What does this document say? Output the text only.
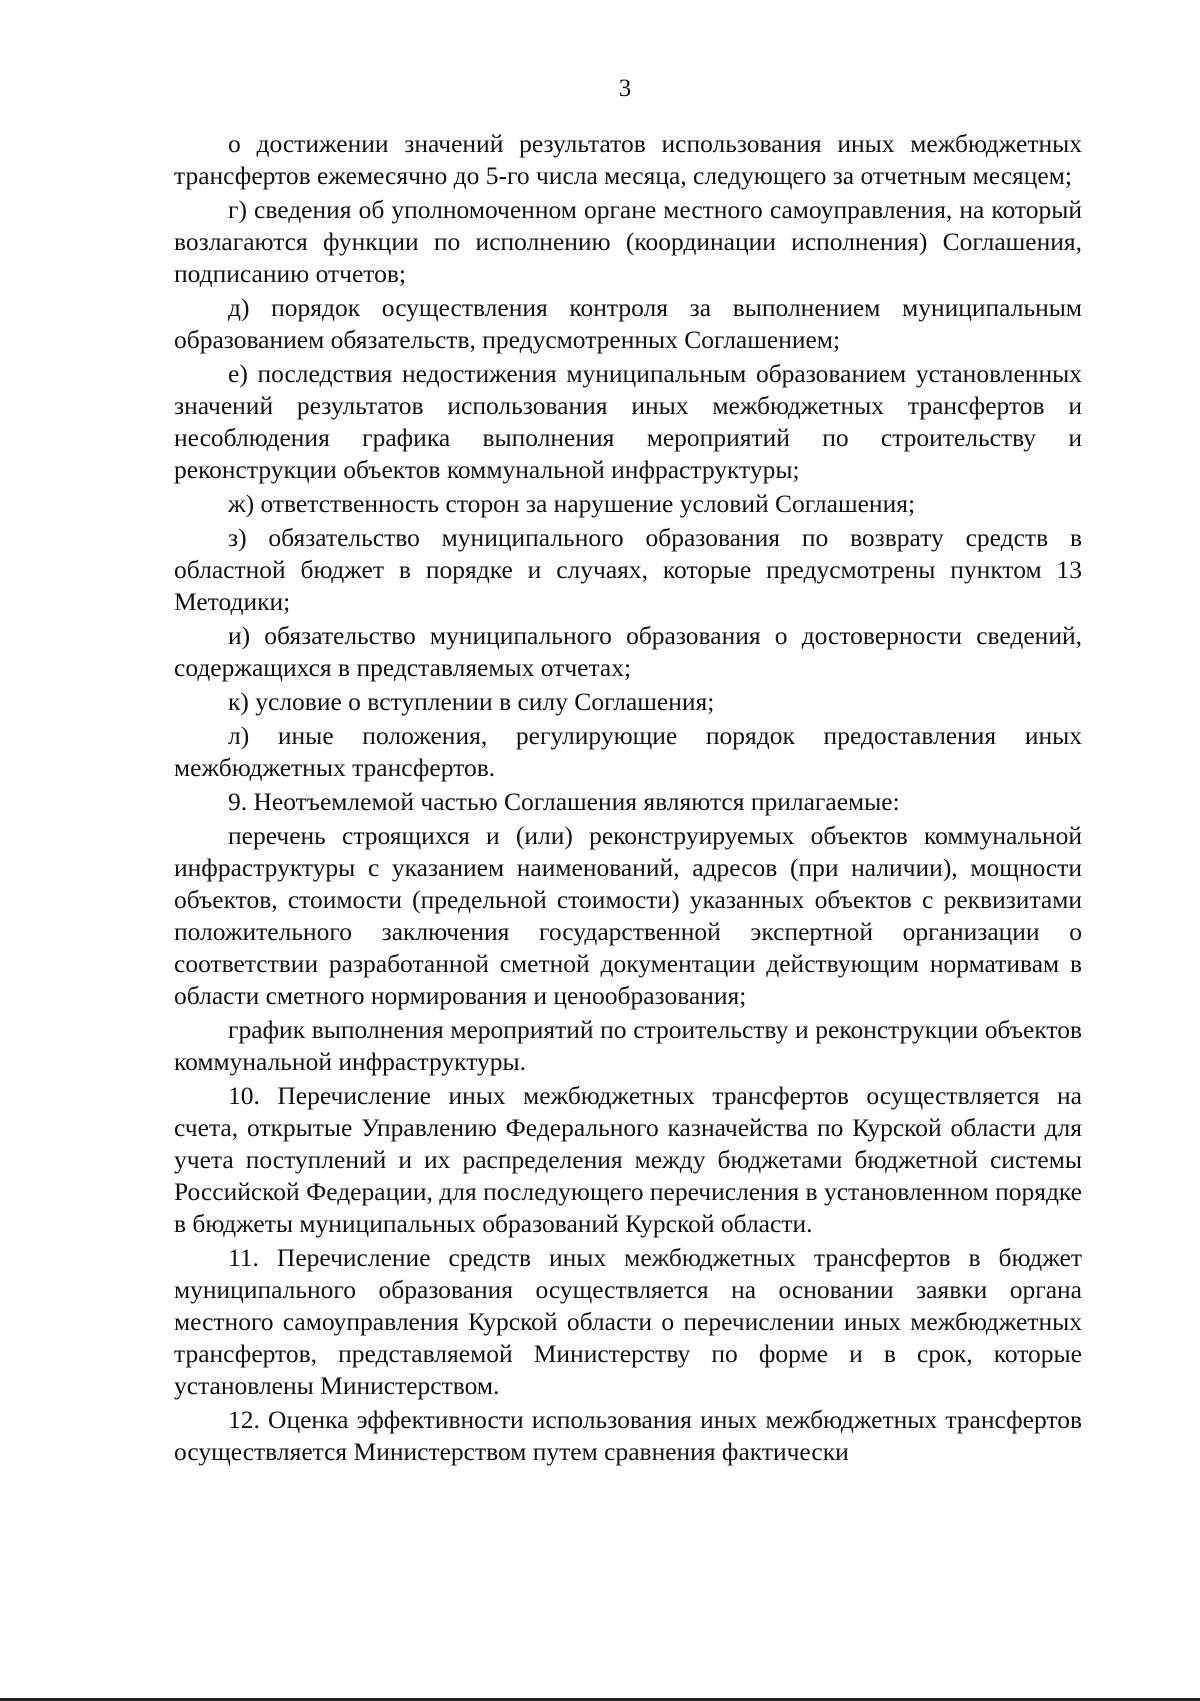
3

о достижении значений результатов использования иных межбюджетных трансфертов ежемесячно до 5-го числа месяца, следующего за отчетным месяцем;

г) сведения об уполномоченном органе местного самоуправления, на который возлагаются функции по исполнению (координации исполнения) Соглашения, подписанию отчетов;

д) порядок осуществления контроля за выполнением муниципальным образованием обязательств, предусмотренных Соглашением;

е) последствия недостижения муниципальным образованием установленных значений результатов использования иных межбюджетных трансфертов и несоблюдения графика выполнения мероприятий по строительству и реконструкции объектов коммунальной инфраструктуры;

ж) ответственность сторон за нарушение условий Соглашения;

з) обязательство муниципального образования по возврату средств в областной бюджет в порядке и случаях, которые предусмотрены пунктом 13 Методики;

и) обязательство муниципального образования о достоверности сведений, содержащихся в представляемых отчетах;

к) условие о вступлении в силу Соглашения;

л) иные положения, регулирующие порядок предоставления иных межбюджетных трансфертов.

9. Неотъемлемой частью Соглашения являются прилагаемые:

перечень строящихся и (или) реконструируемых объектов коммунальной инфраструктуры с указанием наименований, адресов (при наличии), мощности объектов, стоимости (предельной стоимости) указанных объектов с реквизитами положительного заключения государственной экспертной организации о соответствии разработанной сметной документации действующим нормативам в области сметного нормирования и ценообразования;

график выполнения мероприятий по строительству и реконструкции объектов коммунальной инфраструктуры.

10. Перечисление иных межбюджетных трансфертов осуществляется на счета, открытые Управлению Федерального казначейства по Курской области для учета поступлений и их распределения между бюджетами бюджетной системы Российской Федерации, для последующего перечисления в установленном порядке в бюджеты муниципальных образований Курской области.

11. Перечисление средств иных межбюджетных трансфертов в бюджет муниципального образования осуществляется на основании заявки органа местного самоуправления Курской области о перечислении иных межбюджетных трансфертов, представляемой Министерству по форме и в срок, которые установлены Министерством.

12. Оценка эффективности использования иных межбюджетных трансфертов осуществляется Министерством путем сравнения фактически
